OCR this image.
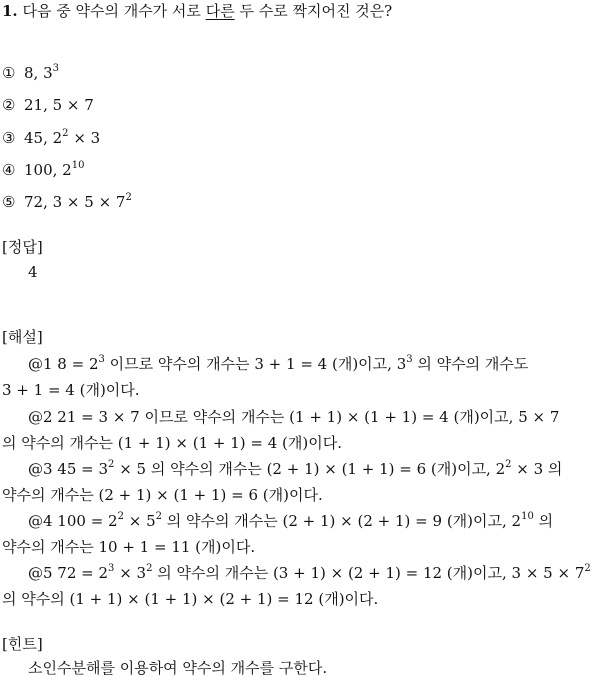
1. 다음 중 약수의 개수가 서로 다른 두 수로 짝지어진 것은?
① 8, $3^3$
② 21, 5 × 7
③ 45, $2^2 \times 3$
④ 100, $2^{10}$
⑤ 72, $3 \times 5 \times 7^2$
[정답]
4
[해설]
@1 $8 = 2^3$ 이므로 약수의 개수는 3 + 1 = 4 (개)이고, $3^3$ 의 약수의 개수도
3 + 1 = 4 (개)이다.
@2 21 = 3 × 7 이므로 약수의 개수는 (1 + 1) × (1 + 1) = 4 (개)이고, 5 × 7
의 약수의 개수는 (1 + 1) × (1 + 1) = 4 (개)이다.
@3 $45 = 3^2 \times 5$ 의 약수의 개수는 (2 + 1) × (1 + 1) = 6 (개)이고, $2^2 \times 3$ 의
약수의 개수는 (2 + 1) × (1 + 1) = 6 (개)이다.
@4 $100 = 2^2 \times 5^2$ 의 약수의 개수는 (2 + 1) × (2 + 1) = 9 (개)이고, $2^{10}$ 의
약수의 개수는 10 + 1 = 11 (개)이다.
@5 $72 = 2^3 \times 3^2$ 의 약수의 개수는 (3 + 1) × (2 + 1) = 12 (개)이고, $3 \times 5 \times 7^2$
의 약수의 (1 + 1) × (1 + 1) × (2 + 1) = 12 (개)이다.
[힌트]
소인수분해를 이용하여 약수의 개수를 구한다.
